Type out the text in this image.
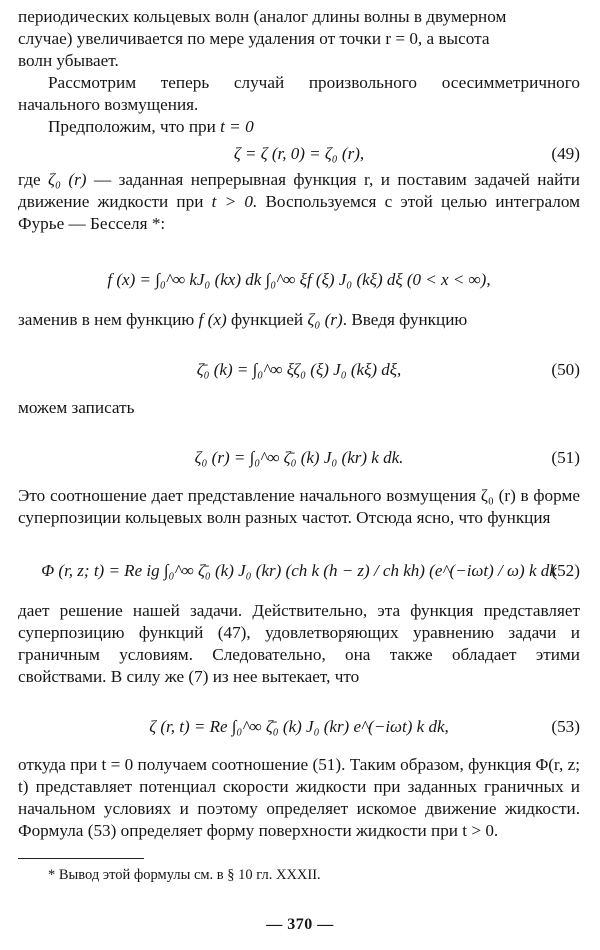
периодических кольцевых волн (аналог длины волны в двумерном
случае) увеличивается по мере удаления от точки r = 0, а высота
волн убывает.

Рассмотрим теперь случай произвольного осесимметричного начального возмущения.

Предположим, что при t = 0

ζ = ζ (r, 0) = ζ₀ (r),	(49)

где ζ₀ (r) — заданная непрерывная функция r, и поставим задачей найти движение жидкости при t > 0. Воспользуемся с этой целью интегралом Фурье — Бесселя *:

f (x) = ∫₀^∞ kJ₀ (kx) dk ∫₀^∞ ξf (ξ) J₀ (kξ) dξ (0 < x < ∞),

заменив в нем функцию f (x) функцией ζ₀ (r). Введя функцию

ζ̄₀ (k) = ∫₀^∞ ξζ₀ (ξ) J₀ (kξ) dξ,	(50)

можем записать

ζ₀ (r) = ∫₀^∞ ζ̄₀ (k) J₀ (kr) k dk.	(51)

Это соотношение дает представление начального возмущения ζ₀ (r) в форме суперпозиции кольцевых волн разных частот. Отсюда ясно, что функция

Φ (r, z; t) = Re ig ∫₀^∞ ζ̄₀ (k) J₀ (kr) (ch k (h − z) / ch kh) (e^(−iωt) / ω) k dk
(52)

дает решение нашей задачи. Действительно, эта функция представляет суперпозицию функций (47), удовлетворяющих уравнению задачи и граничным условиям. Следовательно, она также обладает этими свойствами. В силу же (7) из нее вытекает, что

ζ (r, t) = Re ∫₀^∞ ζ̄₀ (k) J₀ (kr) e^(−iωt) k dk,	(53)

откуда при t = 0 получаем соотношение (51). Таким образом, функция Φ(r, z; t) представляет потенциал скорости жидкости при заданных граничных и начальном условиях и поэтому определяет искомое движение жидкости. Формула (53) определяет форму поверхности жидкости при t > 0.

* Вывод этой формулы см. в § 10 гл. XXXII.

— 370 —
